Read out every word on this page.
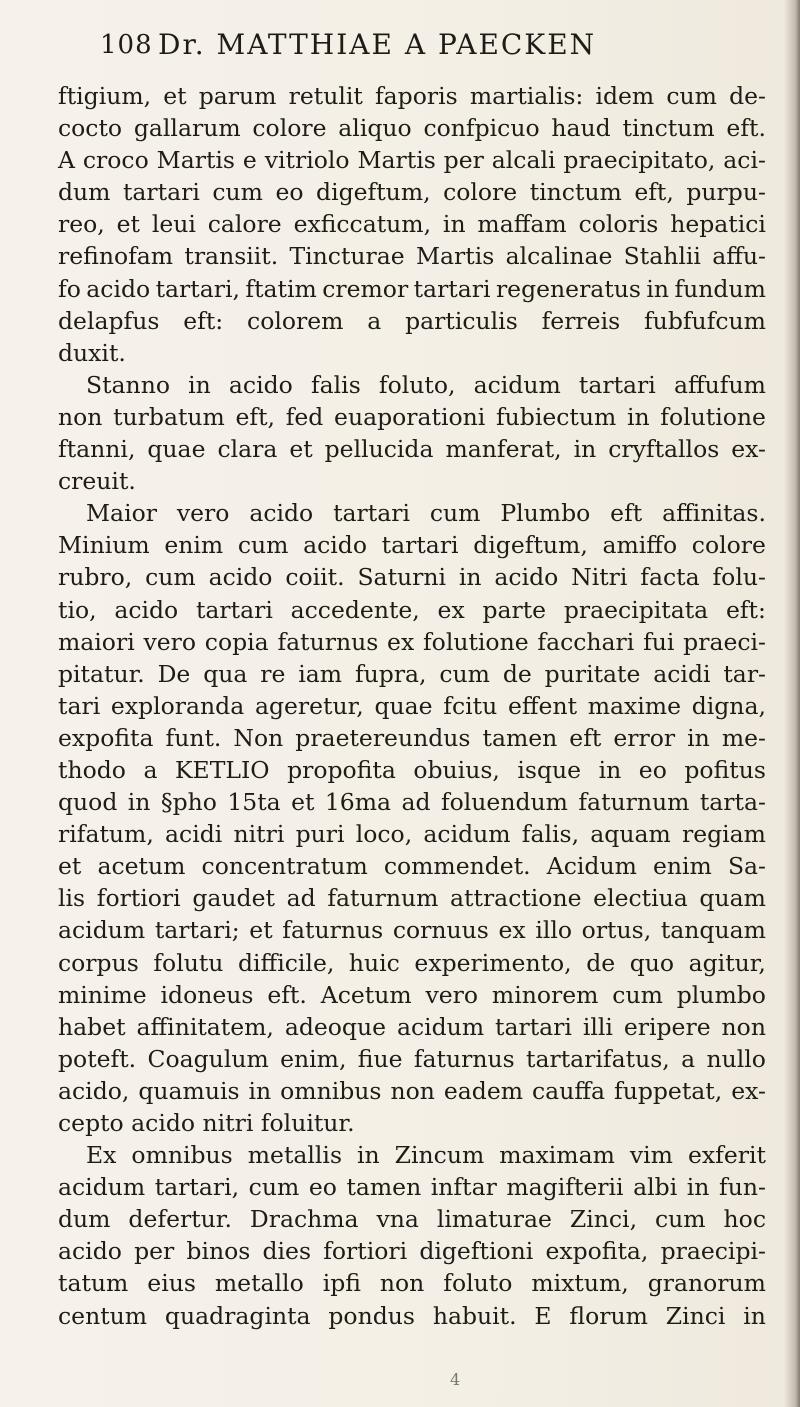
108 Dr. MATTHIAE A PAECKEN
ftigium, et parum retulit faporis martialis: idem cum de-
cocto gallarum colore aliquo confpicuo haud tinctum eft.
A croco Martis e vitriolo Martis per alcali praecipitato, aci-
dum tartari cum eo digeftum, colore tinctum eft, purpu-
reo, et leui calore exficcatum, in maffam coloris hepatici
refinofam transiit. Tincturae Martis alcalinae Stahlii affu-
fo acido tartari, ftatim cremor tartari regeneratus in fundum
delapfus eft: colorem a particulis ferreis fubfufcum
duxit.
Stanno in acido falis foluto, acidum tartari affufum
non turbatum eft, fed euaporationi fubiectum in folutione
ftanni, quae clara et pellucida manferat, in cryftallos ex-
creuit.
Maior vero acido tartari cum Plumbo eft affinitas.
Minium enim cum acido tartari digeftum, amiffo colore
rubro, cum acido coiit. Saturni in acido Nitri facta folu-
tio, acido tartari accedente, ex parte praecipitata eft:
maiori vero copia faturnus ex folutione facchari fui praeci-
pitatur. De qua re iam fupra, cum de puritate acidi tar-
tari exploranda ageretur, quae fcitu effent maxime digna,
expofita funt. Non praetereundus tamen eft error in me-
thodo a KETLIO propofita obuius, isque in eo pofitus
quod in §pho 15ta et 16ma ad foluendum faturnum tarta-
rifatum, acidi nitri puri loco, acidum falis, aquam regiam
et acetum concentratum commendet. Acidum enim Sa-
lis fortiori gaudet ad faturnum attractione electiua quam
acidum tartari; et faturnus cornuus ex illo ortus, tanquam
corpus folutu difficile, huic experimento, de quo agitur,
minime idoneus eft. Acetum vero minorem cum plumbo
habet affinitatem, adeoque acidum tartari illi eripere non
poteft. Coagulum enim, fiue faturnus tartarifatus, a nullo
acido, quamuis in omnibus non eadem cauffa fuppetat, ex-
cepto acido nitri foluitur.
Ex omnibus metallis in Zincum maximam vim exferit
acidum tartari, cum eo tamen inftar magifterii albi in fun-
dum defertur. Drachma vna limaturae Zinci, cum hoc
acido per binos dies fortiori digeftioni expofita, praecipi-
tatum eius metallo ipfi non foluto mixtum, granorum
centum quadraginta pondus habuit. E florum Zinci in
4
